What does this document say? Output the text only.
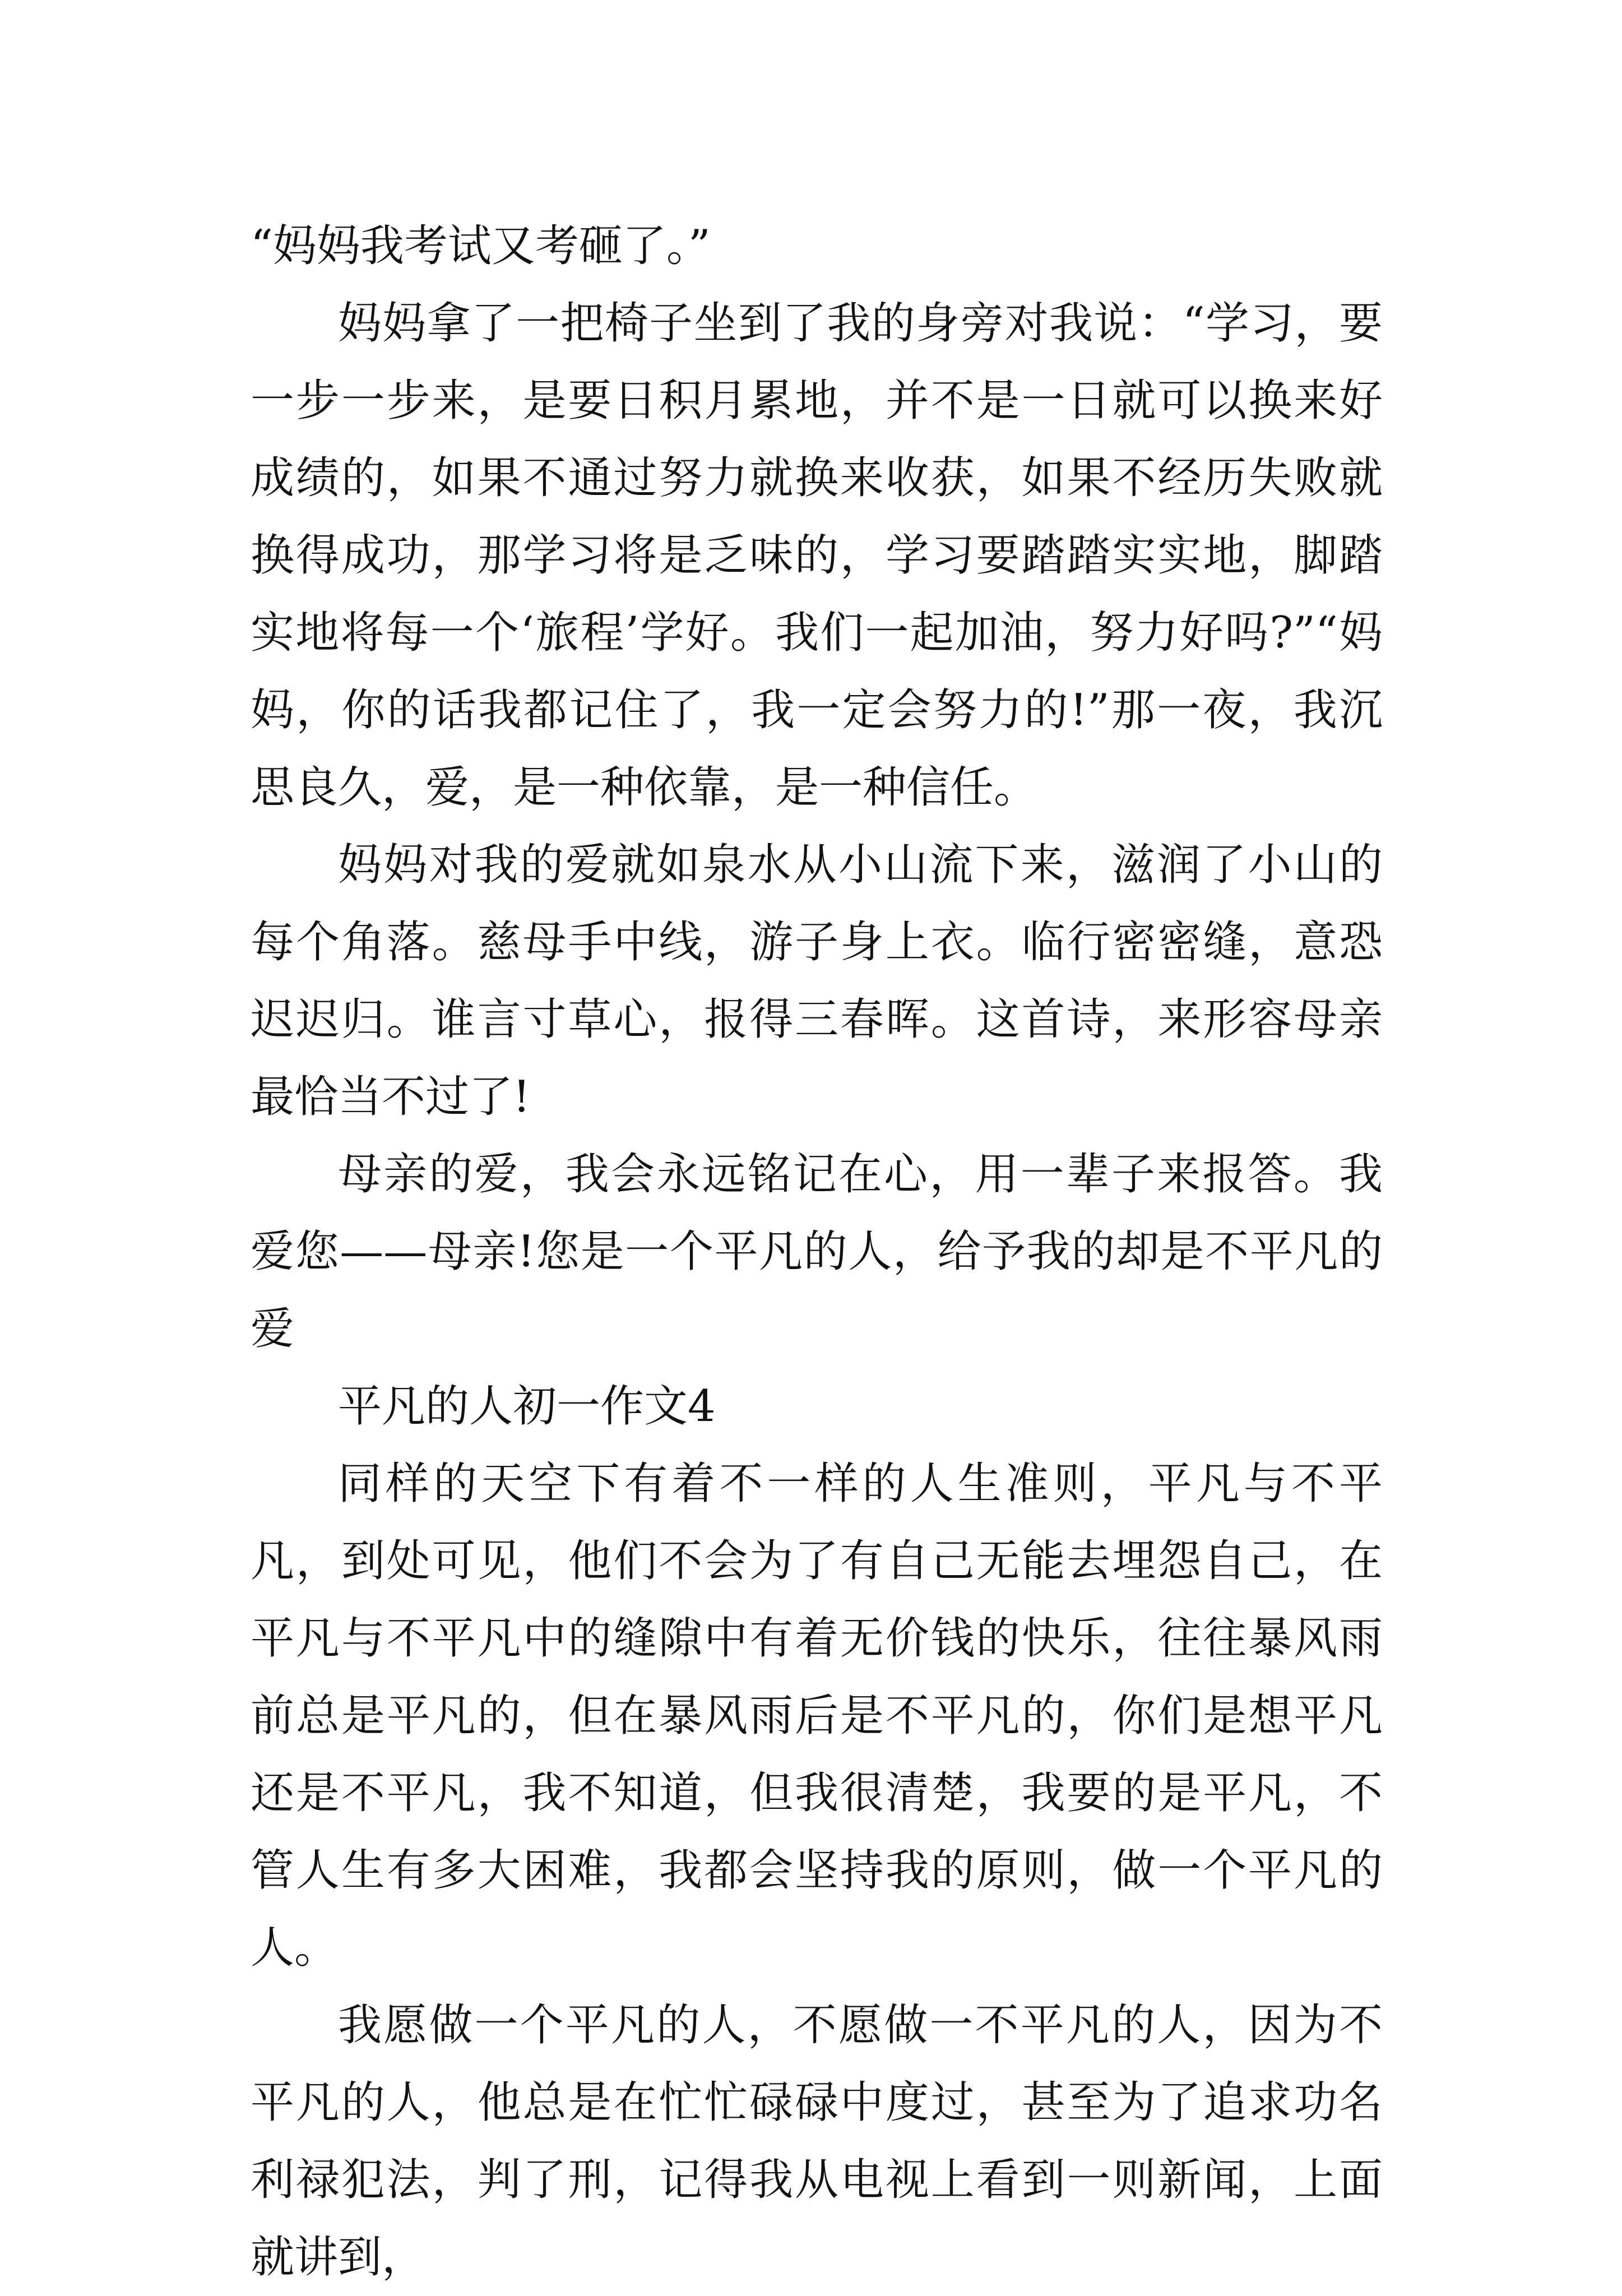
“妈妈我考试又考砸了。”

妈妈拿了一把椅子坐到了我的身旁对我说：“学习，要一步一步来，是要日积月累地，并不是一日就可以换来好成绩的，如果不通过努力就换来收获，如果不经历失败就换得成功，那学习将是乏味的，学习要踏踏实实地，脚踏实地将每一个‘旅程’学好。我们一起加油，努力好吗?”“妈妈，你的话我都记住了，我一定会努力的!”那一夜，我沉思良久，爱，是一种依靠，是一种信任。

妈妈对我的爱就如泉水从小山流下来，滋润了小山的每个角落。慈母手中线，游子身上衣。临行密密缝，意恐迟迟归。谁言寸草心，报得三春晖。这首诗，来形容母亲最恰当不过了!

母亲的爱，我会永远铭记在心，用一辈子来报答。我爱您——母亲!您是一个平凡的人，给予我的却是不平凡的爱

平凡的人初一作文4

同样的天空下有着不一样的人生准则，平凡与不平凡，到处可见，他们不会为了有自己无能去埋怨自己，在平凡与不平凡中的缝隙中有着无价钱的快乐，往往暴风雨前总是平凡的，但在暴风雨后是不平凡的，你们是想平凡还是不平凡，我不知道，但我很清楚，我要的是平凡，不管人生有多大困难，我都会坚持我的原则，做一个平凡的人。

我愿做一个平凡的人，不愿做一不平凡的人，因为不平凡的人，他总是在忙忙碌碌中度过，甚至为了追求功名利禄犯法，判了刑，记得我从电视上看到一则新闻，上面就讲到，
